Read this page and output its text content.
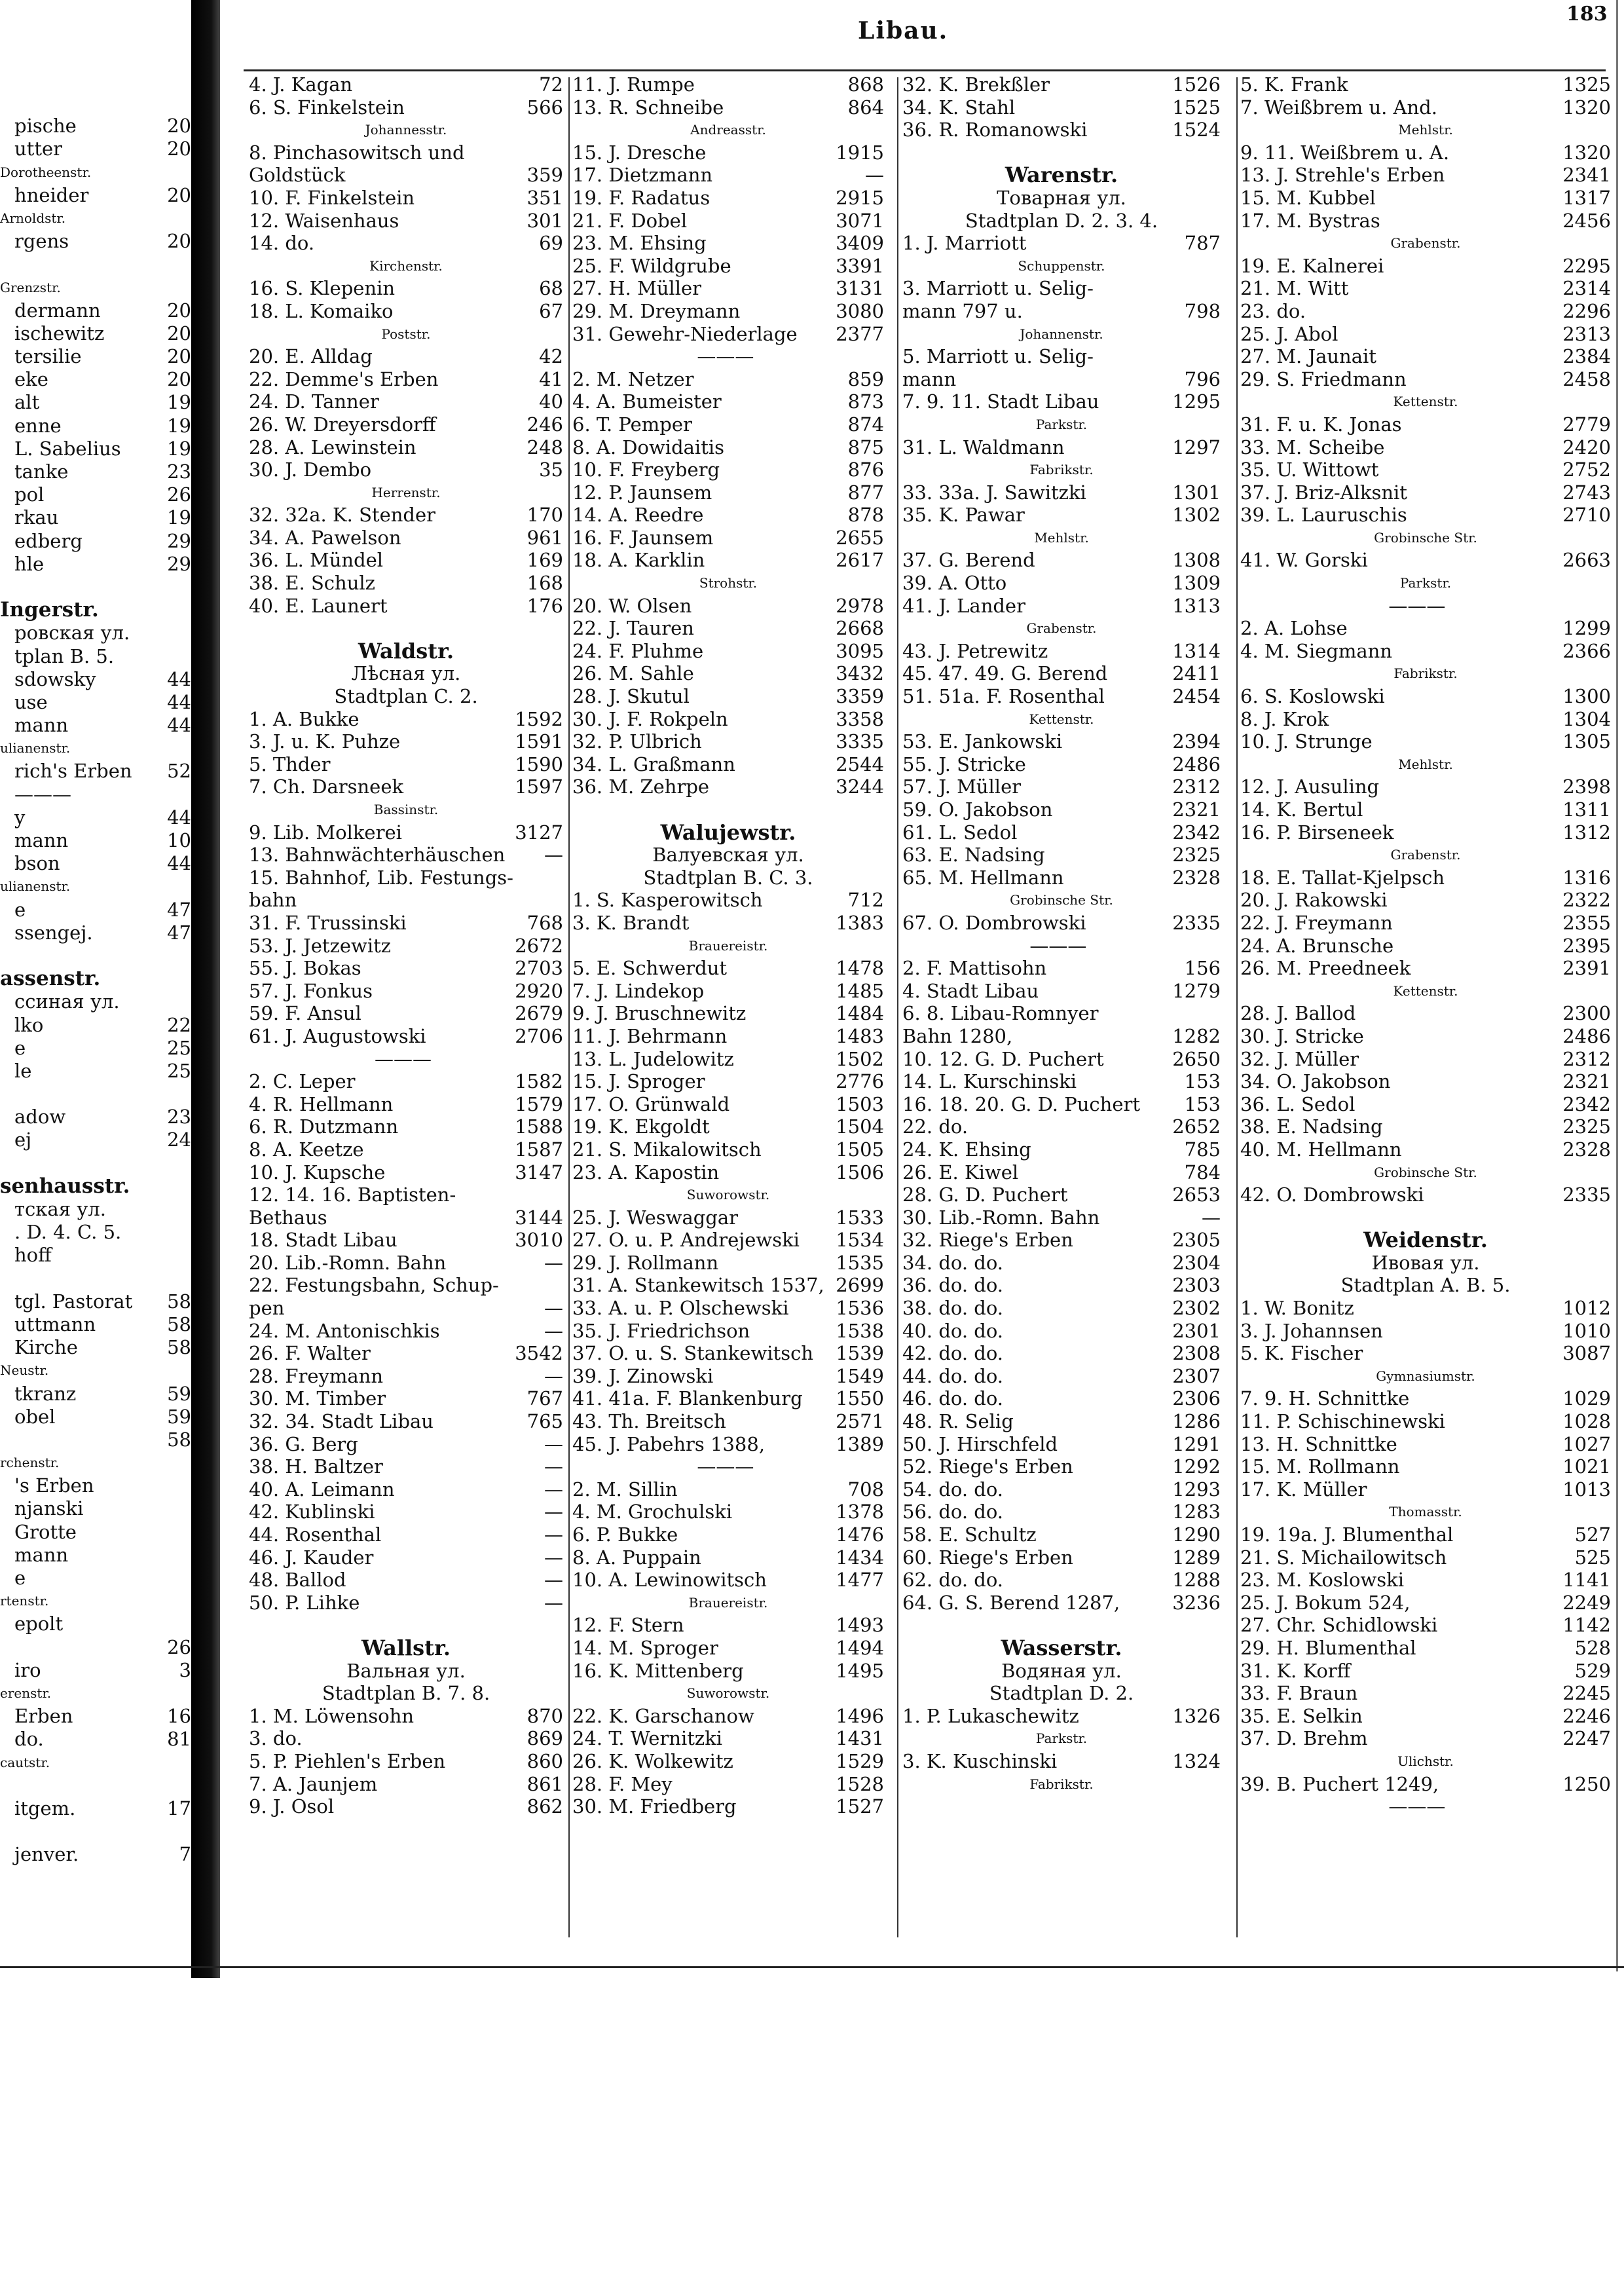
183
Libau.
pische	20
utter	20
Dorotheenstr.
hneider	20
Arnoldstr.
rgens	20
Grenzstr.
dermann	20
ischewitz	20
tersilie	20
eke	20
alt	19
enne	19
L. Sabelius 19
tanke	23
pol	26
rkau	19
edberg	29
hle	29
Ingerstr.
ровская ул.
tplan B. 5.
sdowsky	44
use	44
mann	44
ulianenstr.
rich's Erben 52
———
y	44
mann	10
bson	44
ulianenstr.
e	47
ssengej.	47
assenstr.
ссиная ул.
lko	22
e	25
le	25
adow	23
ej	24
senhausstr.
тская ул.
. D. 4. C. 5.
hoff
tgl. Pastorat 58
uttmann	58
Kirche	58
Neustr.
tkranz	59
obel	59
58
rchenstr.
's Erben
njanski
Grotte
mann
e
rtenstr.
epolt
26
iro	3
erenstr.
Erben	16
do.	81
cautstr.
itgem.	17
jenver.	7
4. J. Kagan	72
6. S. Finkelstein	566
Johannesstr.
8. Pinchasowitsch und
Goldstück	359
10. F. Finkelstein	351
12. Waisenhaus	301
14. do.	69
Kirchenstr.
16. S. Klepenin	68
18. L. Komaiko	67
Poststr.
20. E. Alldag	42
22. Demme's Erben	41
24. D. Tanner	40
26. W. Dreyersdorff	246
28. A. Lewinstein	248
30. J. Dembo	35
Herrenstr.
32. 32a. K. Stender	170
34. A. Pawelson	961
36. L. Mündel	169
38. E. Schulz	168
40. E. Launert	176
Waldstr.
Лѣсная ул.
Stadtplan C. 2.
1. A. Bukke	1592
3. J. u. K. Puhze	1591
5. Thder	1590
7. Ch. Darsneek	1597
Bassinstr.
9. Lib. Molkerei	3127
13. Bahnwächterhäuschen —
15. Bahnhof, Lib. Festungs-
bahn
31. F. Trussinski	768
53. J. Jetzewitz	2672
55. J. Bokas	2703
57. J. Fonkus	2920
59. F. Ansul	2679
61. J. Augustowski	2706
———
2. C. Leper	1582
4. R. Hellmann	1579
6. R. Dutzmann	1588
8. A. Keetze	1587
10. J. Kupsche	3147
12. 14. 16. Baptisten-
Bethaus	3144
18. Stadt Libau	3010
20. Lib.-Romn. Bahn	—
22. Festungsbahn, Schup-
pen	—
24. M. Antonischkis	—
26. F. Walter	3542
28. Freymann	—
30. M. Timber	767
32. 34. Stadt Libau	765
36. G. Berg	—
38. H. Baltzer	—
40. A. Leimann	—
42. Kublinski	—
44. Rosenthal	—
46. J. Kauder	—
48. Ballod	—
50. P. Lihke	—
Wallstr.
Вальная ул.
Stadtplan B. 7. 8.
1. M. Löwensohn	870
3. do.	869
5. P. Piehlen's Erben	860
7. A. Jaunjem	861
9. J. Osol	862
11. J. Rumpe	868
13. R. Schneibe	864
Andreasstr.
15. J. Dresche	1915
17. Dietzmann	—
19. F. Radatus	2915
21. F. Dobel	3071
23. M. Ehsing	3409
25. F. Wildgrube	3391
27. H. Müller	3131
29. M. Dreymann	3080
31. Gewehr-Niederlage 2377
———
2. M. Netzer	859
4. A. Bumeister	873
6. T. Pemper	874
8. A. Dowidaitis	875
10. F. Freyberg	876
12. P. Jaunsem	877
14. A. Reedre	878
16. F. Jaunsem	2655
18. A. Karklin	2617
Strohstr.
20. W. Olsen	2978
22. J. Tauren	2668
24. F. Pluhme	3095
26. M. Sahle	3432
28. J. Skutul	3359
30. J. F. Rokpeln	3358
32. P. Ulbrich	3335
34. L. Graßmann	2544
36. M. Zehrpe	3244
Walujewstr.
Валуевская ул.
Stadtplan B. C. 3.
1. S. Kasperowitsch	712
3. K. Brandt	1383
Brauereistr.
5. E. Schwerdut	1478
7. J. Lindekop	1485
9. J. Bruschnewitz	1484
11. J. Behrmann	1483
13. L. Judelowitz	1502
15. J. Sproger	2776
17. O. Grünwald	1503
19. K. Ekgoldt	1504
21. S. Mikalowitsch	1505
23. A. Kapostin	1506
Suworowstr.
25. J. Weswaggar	1533
27. O. u. P. Andrejewski 1534
29. J. Rollmann	1535
31. A. Stankewitsch 1537, 2699
33. A. u. P. Olschewski 1536
35. J. Friedrichson	1538
37. O. u. S. Stankewitsch 1539
39. J. Zinowski	1549
41. 41a. F. Blankenburg 1550
43. Th. Breitsch	2571
45. J. Pabehrs 1388,	1389
———
2. M. Sillin	708
4. M. Grochulski	1378
6. P. Bukke	1476
8. A. Puppain	1434
10. A. Lewinowitsch	1477
Brauereistr.
12. F. Stern	1493
14. M. Sproger	1494
16. K. Mittenberg	1495
Suworowstr.
22. K. Garschanow	1496
24. T. Wernitzki	1431
26. K. Wolkewitz	1529
28. F. Mey	1528
30. M. Friedberg	1527
32. K. Brekßler	1526
34. K. Stahl	1525
36. R. Romanowski	1524
Warenstr.
Товарная ул.
Stadtplan D. 2. 3. 4.
1. J. Marriott	787
Schuppenstr.
3. Marriott u. Selig-
mann 797 u.	798
Johannenstr.
5. Marriott u. Selig-
mann	796
7. 9. 11. Stadt Libau	1295
Parkstr.
31. L. Waldmann	1297
Fabrikstr.
33. 33a. J. Sawitzki	1301
35. K. Pawar	1302
Mehlstr.
37. G. Berend	1308
39. A. Otto	1309
41. J. Lander	1313
Grabenstr.
43. J. Petrewitz	1314
45. 47. 49. G. Berend	2411
51. 51a. F. Rosenthal	2454
Kettenstr.
53. E. Jankowski	2394
55. J. Stricke	2486
57. J. Müller	2312
59. O. Jakobson	2321
61. L. Sedol	2342
63. E. Nadsing	2325
65. M. Hellmann	2328
Grobinsche Str.
67. O. Dombrowski	2335
———
2. F. Mattisohn	156
4. Stadt Libau	1279
6. 8. Libau-Romnyer
Bahn 1280,	1282
10. 12. G. D. Puchert	2650
14. L. Kurschinski	153
16. 18. 20. G. D. Puchert 153
22. do.	2652
24. K. Ehsing	785
26. E. Kiwel	784
28. G. D. Puchert	2653
30. Lib.-Romn. Bahn	—
32. Riege's Erben	2305
34. do. do.	2304
36. do. do.	2303
38. do. do.	2302
40. do. do.	2301
42. do. do.	2308
44. do. do.	2307
46. do. do.	2306
48. R. Selig	1286
50. J. Hirschfeld	1291
52. Riege's Erben	1292
54. do. do.	1293
56. do. do.	1283
58. E. Schultz	1290
60. Riege's Erben	1289
62. do. do.	1288
64. G. S. Berend 1287,	3236
Wasserstr.
Водяная ул.
Stadtplan D. 2.
1. P. Lukaschewitz	1326
Parkstr.
3. K. Kuschinski	1324
Fabrikstr.
5. K. Frank	1325
7. Weißbrem u. And.	1320
Mehlstr.
9. 11. Weißbrem u. A.	1320
13. J. Strehle's Erben	2341
15. M. Kubbel	1317
17. M. Bystras	2456
Grabenstr.
19. E. Kalnerei	2295
21. M. Witt	2314
23. do.	2296
25. J. Abol	2313
27. M. Jaunait	2384
29. S. Friedmann	2458
Kettenstr.
31. F. u. K. Jonas	2779
33. M. Scheibe	2420
35. U. Wittowt	2752
37. J. Briz-Alksnit	2743
39. L. Lauruschis	2710
Grobinsche Str.
41. W. Gorski	2663
Parkstr.
———
2. A. Lohse	1299
4. M. Siegmann	2366
Fabrikstr.
6. S. Koslowski	1300
8. J. Krok	1304
10. J. Strunge	1305
Mehlstr.
12. J. Ausuling	2398
14. K. Bertul	1311
16. P. Birseneek	1312
Grabenstr.
18. E. Tallat-Kjelpsch	1316
20. J. Rakowski	2322
22. J. Freymann	2355
24. A. Brunsche	2395
26. M. Preedneek	2391
Kettenstr.
28. J. Ballod	2300
30. J. Stricke	2486
32. J. Müller	2312
34. O. Jakobson	2321
36. L. Sedol	2342
38. E. Nadsing	2325
40. M. Hellmann	2328
Grobinsche Str.
42. O. Dombrowski	2335
Weidenstr.
Ивовая ул.
Stadtplan A. B. 5.
1. W. Bonitz	1012
3. J. Johannsen	1010
5. K. Fischer	3087
Gymnasiumstr.
7. 9. H. Schnittke	1029
11. P. Schischinewski	1028
13. H. Schnittke	1027
15. M. Rollmann	1021
17. K. Müller	1013
Thomasstr.
19. 19a. J. Blumenthal	527
21. S. Michailowitsch	525
23. M. Koslowski	1141
25. J. Bokum 524,	2249
27. Chr. Schidlowski	1142
29. H. Blumenthal	528
31. K. Korff	529
33. F. Braun	2245
35. E. Selkin	2246
37. D. Brehm	2247
Ulichstr.
39. B. Puchert 1249,	1250
———
